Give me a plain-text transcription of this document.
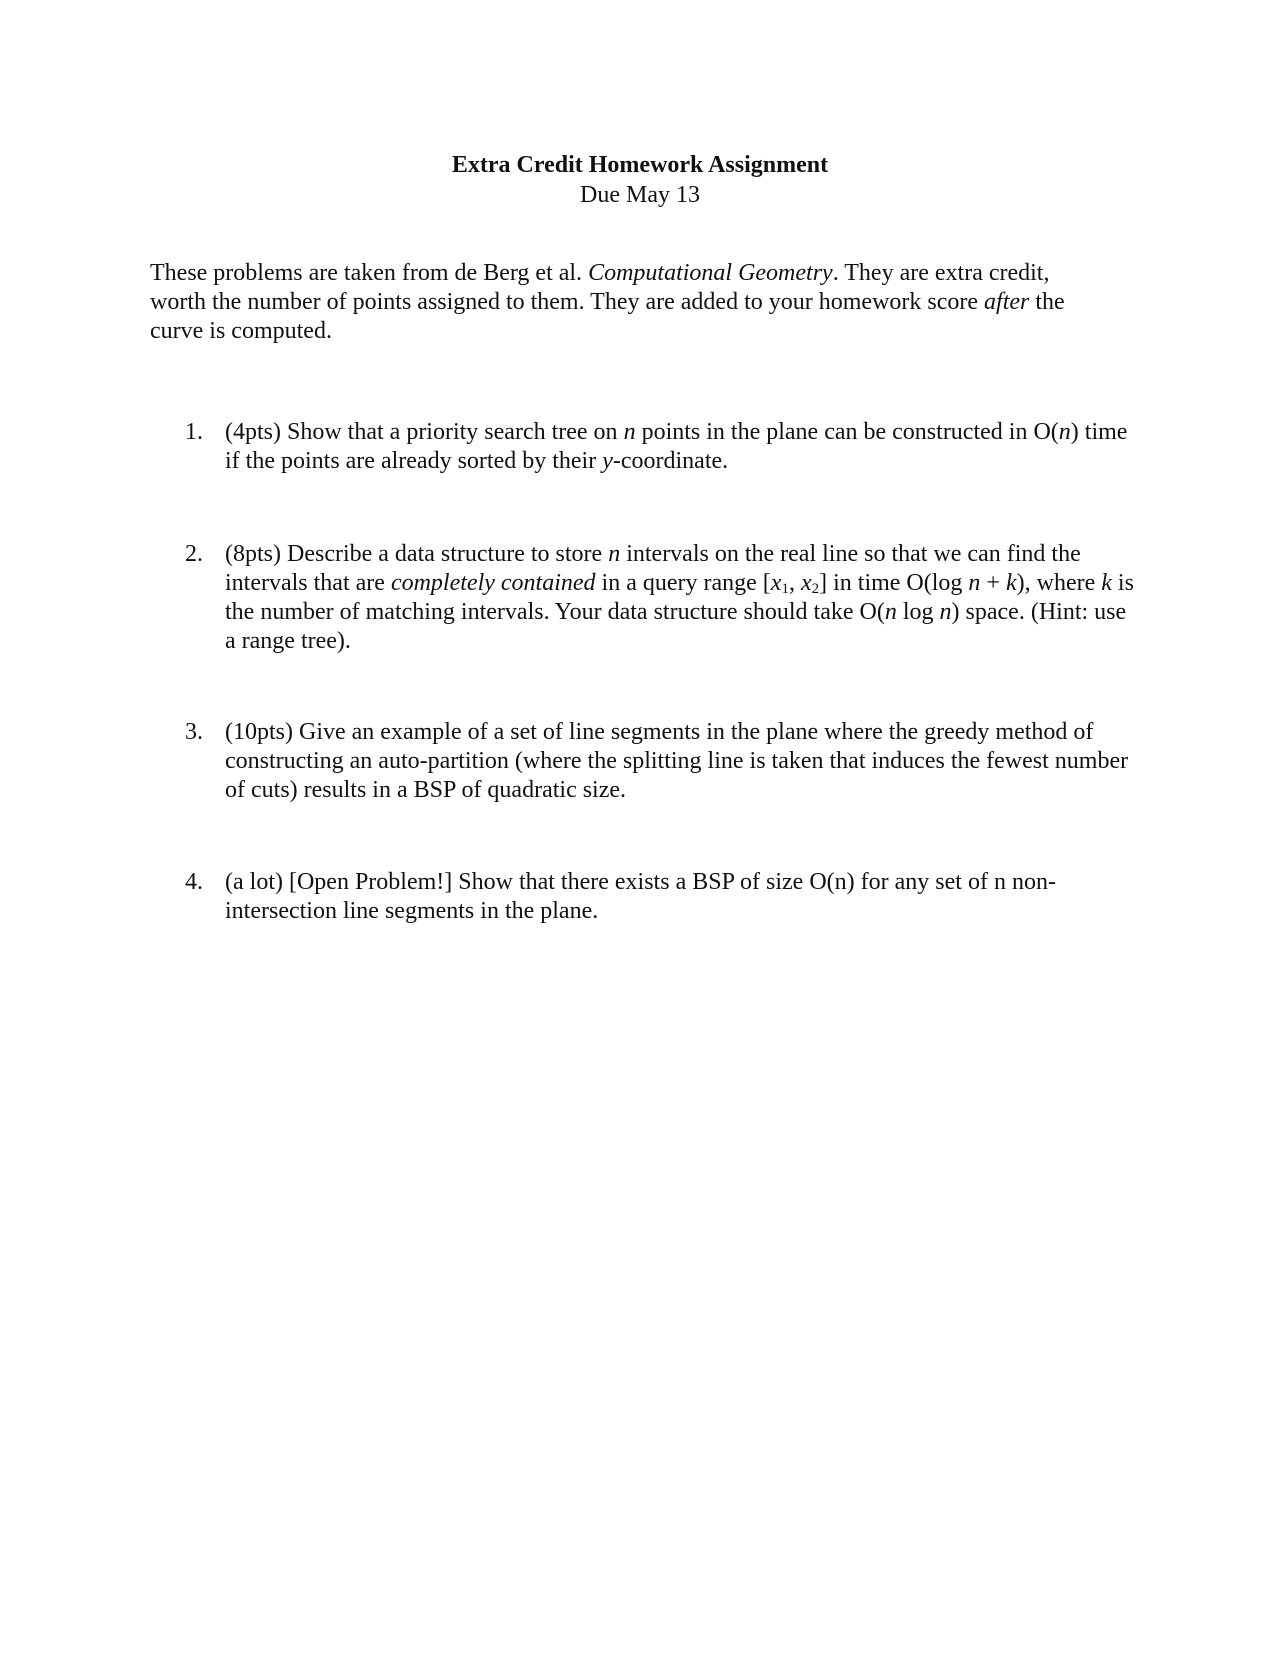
Extra Credit Homework Assignment
Due May 13
These problems are taken from de Berg et al. Computational Geometry. They are extra credit, worth the number of points assigned to them. They are added to your homework score after the curve is computed.
1. (4pts) Show that a priority search tree on n points in the plane can be constructed in O(n) time if the points are already sorted by their y-coordinate.
2. (8pts) Describe a data structure to store n intervals on the real line so that we can find the intervals that are completely contained in a query range [$x_1$, $x_2$] in time O(log n + k), where k is the number of matching intervals. Your data structure should take O(n log n) space. (Hint: use a range tree).
3. (10pts) Give an example of a set of line segments in the plane where the greedy method of constructing an auto-partition (where the splitting line is taken that induces the fewest number of cuts) results in a BSP of quadratic size.
4. (a lot) [Open Problem!] Show that there exists a BSP of size O(n) for any set of n non-intersection line segments in the plane.
